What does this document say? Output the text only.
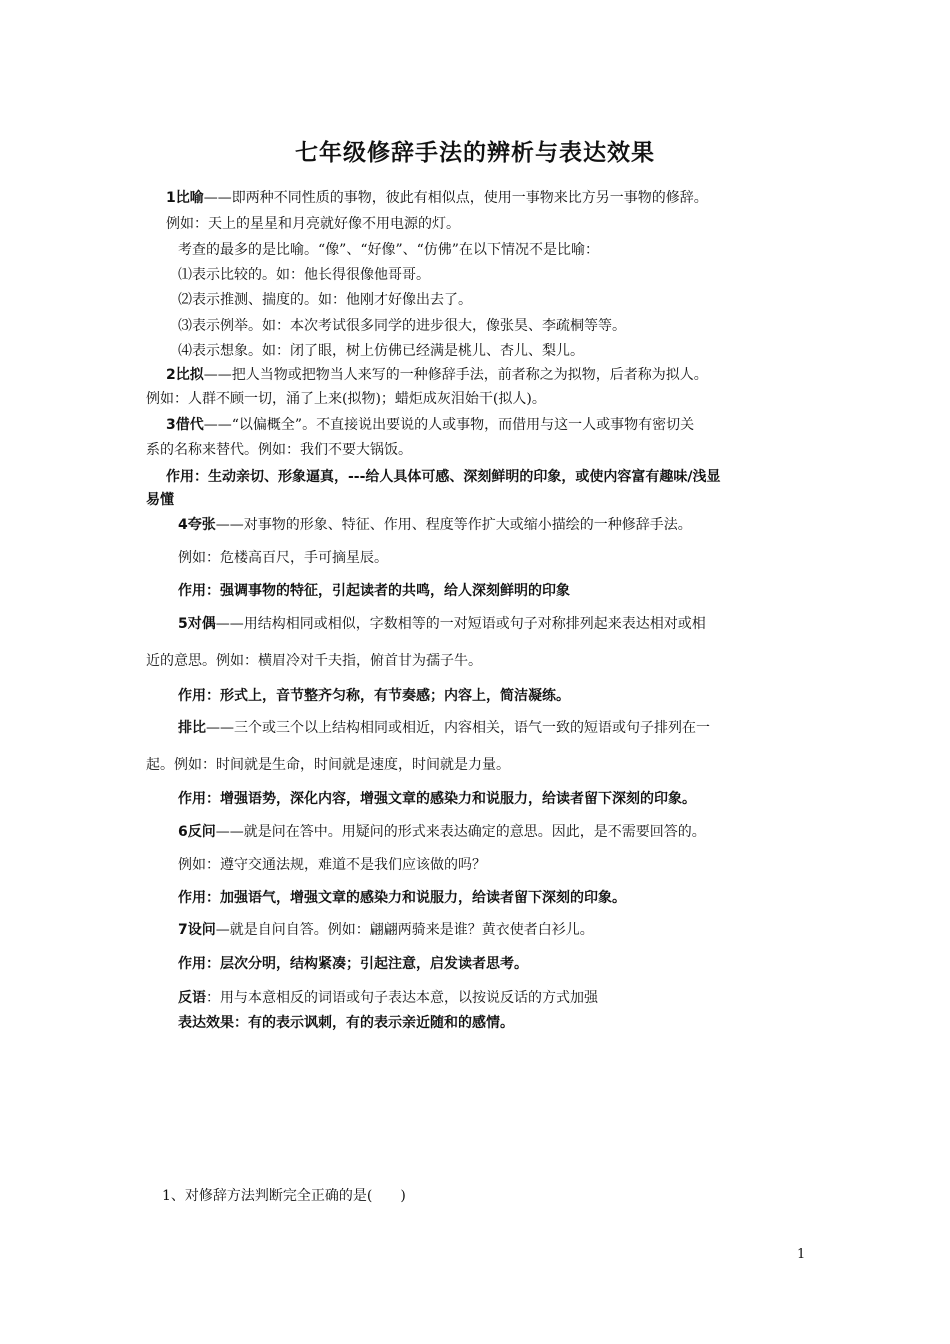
七年级修辞手法的辨析与表达效果
1比喻——即两种不同性质的事物，彼此有相似点，使用一事物来比方另一事物的修辞。
例如：天上的星星和月亮就好像不用电源的灯。
考查的最多的是比喻。“像”、“好像”、“仿佛”在以下情况不是比喻：
⑴表示比较的。如：他长得很像他哥哥。
⑵表示推测、揣度的。如：他刚才好像出去了。
⑶表示例举。如：本次考试很多同学的进步很大，像张昊、李疏桐等等。
⑷表示想象。如：闭了眼，树上仿佛已经满是桃儿、杏儿、梨儿。
2比拟——把人当物或把物当人来写的一种修辞手法，前者称之为拟物，后者称为拟人。
例如：人群不顾一切，涌了上来(拟物)；蜡炬成灰泪始干(拟人)。
3借代——“以偏概全”。不直接说出要说的人或事物，而借用与这一人或事物有密切关
系的名称来替代。例如：我们不要大锅饭。
作用：生动亲切、形象逼真，---给人具体可感、深刻鲜明的印象，或使内容富有趣味/浅显
易懂
4夸张——对事物的形象、特征、作用、程度等作扩大或缩小描绘的一种修辞手法。
例如：危楼高百尺，手可摘星辰。
作用：强调事物的特征，引起读者的共鸣，给人深刻鲜明的印象
5对偶——用结构相同或相似，字数相等的一对短语或句子对称排列起来表达相对或相
近的意思。例如：横眉冷对千夫指，俯首甘为孺子牛。
作用：形式上，音节整齐匀称，有节奏感；内容上，简洁凝练。
排比——三个或三个以上结构相同或相近，内容相关，语气一致的短语或句子排列在一
起。例如：时间就是生命，时间就是速度，时间就是力量。
作用：增强语势，深化内容，增强文章的感染力和说服力，给读者留下深刻的印象。
6反问——就是问在答中。用疑问的形式来表达确定的意思。因此，是不需要回答的。
例如：遵守交通法规，难道不是我们应该做的吗？
作用：加强语气，增强文章的感染力和说服力，给读者留下深刻的印象。
7设问—就是自问自答。例如：翩翩两骑来是谁？黄衣使者白衫儿。
作用：层次分明，结构紧凑；引起注意，启发读者思考。
反语：用与本意相反的词语或句子表达本意，以按说反话的方式加强
表达效果：有的表示讽刺，有的表示亲近随和的感情。
1、对修辞方法判断完全正确的是(　　)
1
